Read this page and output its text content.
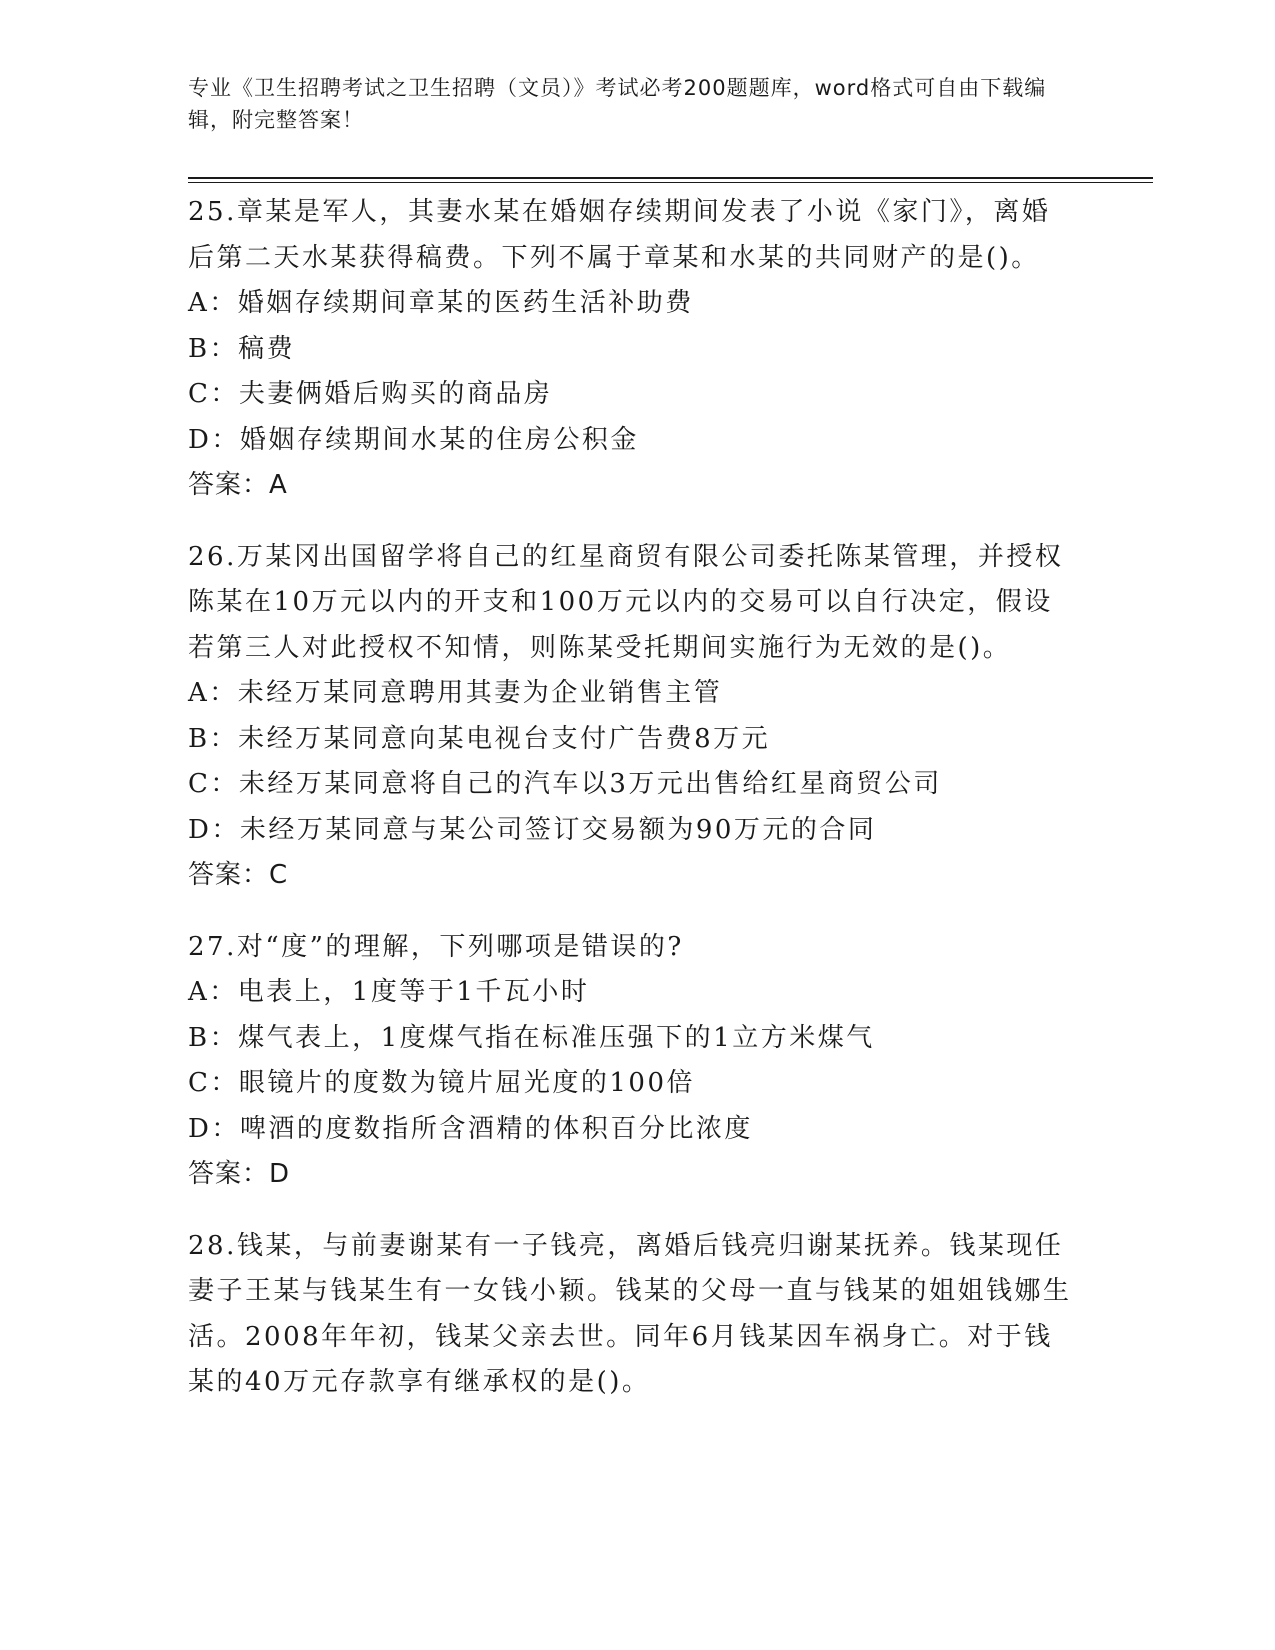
专业《卫生招聘考试之卫生招聘（文员）》考试必考200题题库，word格式可自由下载编辑，附完整答案！

25.章某是军人，其妻水某在婚姻存续期间发表了小说《家门》，离婚后第二天水某获得稿费。下列不属于章某和水某的共同财产的是()。

A：婚姻存续期间章某的医药生活补助费

B：稿费

C：夫妻俩婚后购买的商品房

D：婚姻存续期间水某的住房公积金

答案：A

26.万某冈出国留学将自己的红星商贸有限公司委托陈某管理，并授权陈某在10万元以内的开支和100万元以内的交易可以自行决定，假设若第三人对此授权不知情，则陈某受托期间实施行为无效的是()。

A：未经万某同意聘用其妻为企业销售主管

B：未经万某同意向某电视台支付广告费8万元

C：未经万某同意将自己的汽车以3万元出售给红星商贸公司

D：未经万某同意与某公司签订交易额为90万元的合同

答案：C

27.对“度”的理解，下列哪项是错误的?

A：电表上，1度等于1千瓦小时

B：煤气表上，1度煤气指在标准压强下的1立方米煤气

C：眼镜片的度数为镜片屈光度的100倍

D：啤酒的度数指所含酒精的体积百分比浓度

答案：D

28.钱某，与前妻谢某有一子钱亮，离婚后钱亮归谢某抚养。钱某现任妻子王某与钱某生有一女钱小颖。钱某的父母一直与钱某的姐姐钱娜生活。2008年年初，钱某父亲去世。同年6月钱某因车祸身亡。对于钱某的40万元存款享有继承权的是()。
